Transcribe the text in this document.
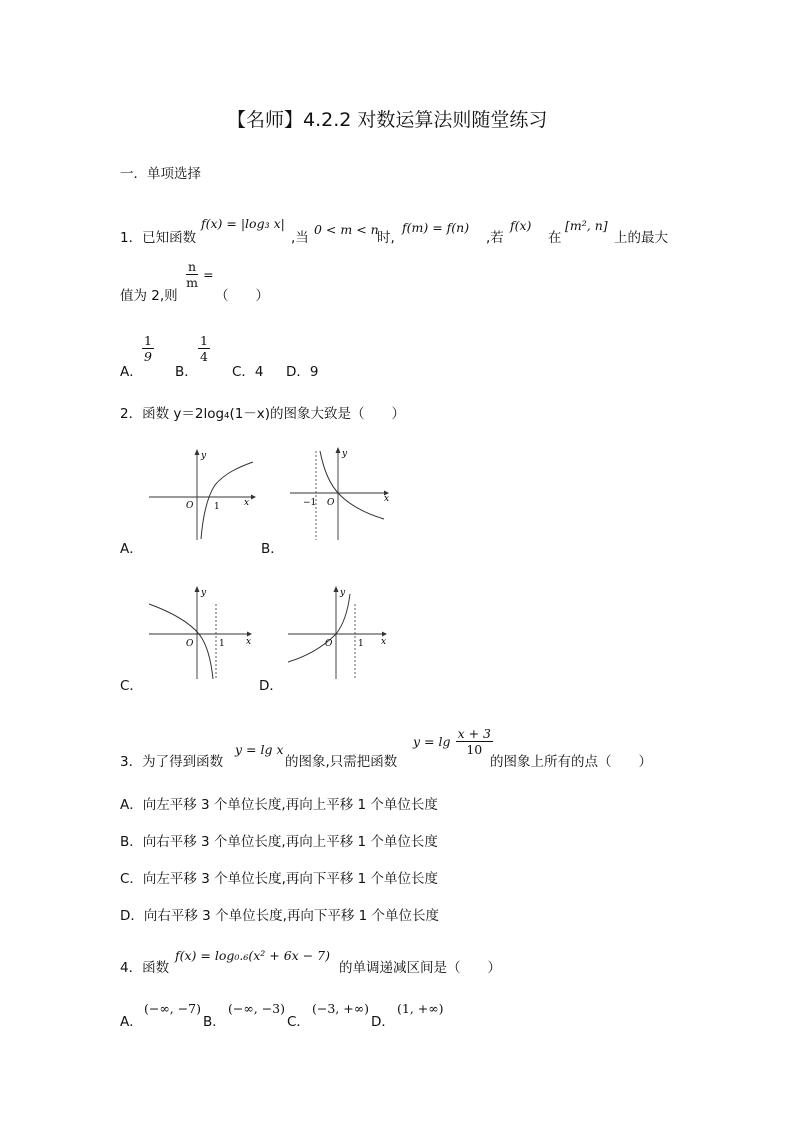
【名师】4.2.2 对数运算法则随堂练习
一．单项选择
1．已知函数
f(x) = |log₃ x|
,当
0 < m < n
时,
f(m) = f(n)
,若
f(x)
在
[m², n]
上的最大
值为 2,则
$\frac{n}{m}$ =
（　　）
A．
$\frac{1}{9}$
B．
$\frac{1}{4}$
C．4 D．9
2．函数 y＝2log₄(1－x)的图象大致是（　　）
A．
x
y
O 1
B．
x
y
O
−1
C．
x
y
O	1
D．
x
y
O	1
3．为了得到函数
y = lg x
的图象,只需把函数
$y = \lg \frac{x + 3}{10}$
的图象上所有的点（　　）
A．向左平移 3 个单位长度,再向上平移 1 个单位长度
B．向右平移 3 个单位长度,再向上平移 1 个单位长度
C．向左平移 3 个单位长度,再向下平移 1 个单位长度
D．向右平移 3 个单位长度,再向下平移 1 个单位长度
4．函数
f(x) = log₀.₆(x² + 6x − 7)
的单调递减区间是（　　）
A．
(−∞, −7)
B．
(−∞, −3)
C．
(−3, +∞)
D．
(1, +∞)
